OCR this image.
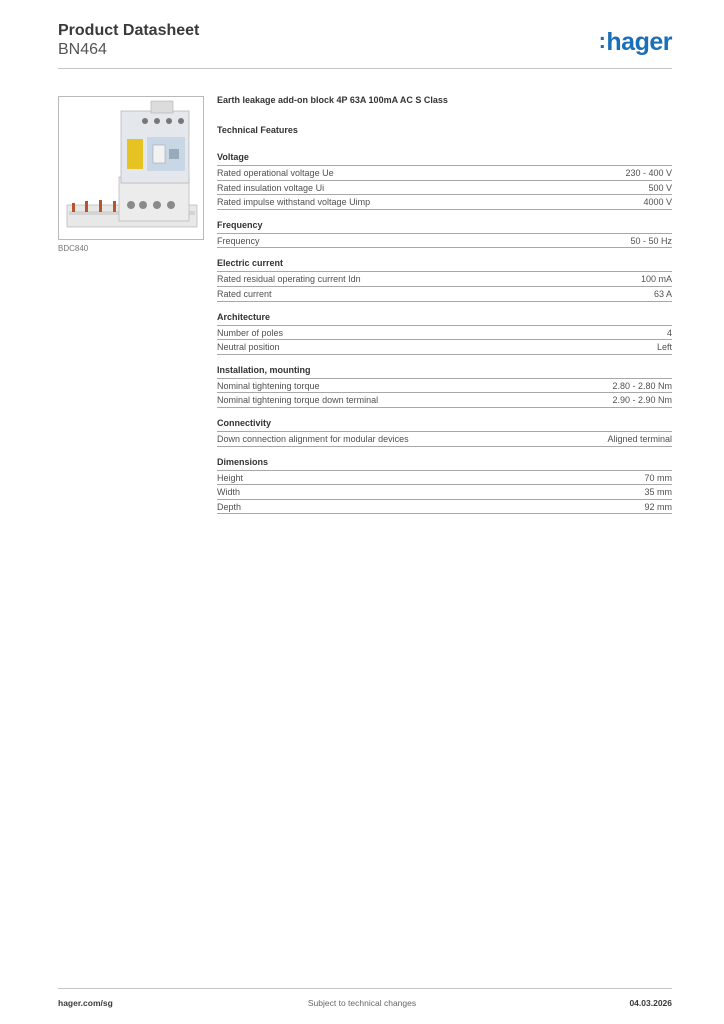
Product Datasheet
BN464	:hager
BDC840
Earth leakage add-on block 4P 63A 100mA AC S Class
Technical Features
Voltage
Rated operational voltage Ue	230 - 400 V
Rated insulation voltage Ui	500 V
Rated impulse withstand voltage Uimp	4000 V
Frequency
Frequency	50 - 50 Hz
Electric current
Rated residual operating current Idn	100 mA
Rated current	63 A
Architecture
Number of poles	4
Neutral position	Left
Installation, mounting
Nominal tightening torque	2.80 - 2.80 Nm
Nominal tightening torque down terminal	2.90 - 2.90 Nm
Connectivity
Down connection alignment for modular devices	Aligned terminal
Dimensions
Height	70 mm
Width	35 mm
Depth	92 mm
hager.com/sg	Subject to technical changes	04.03.2026
